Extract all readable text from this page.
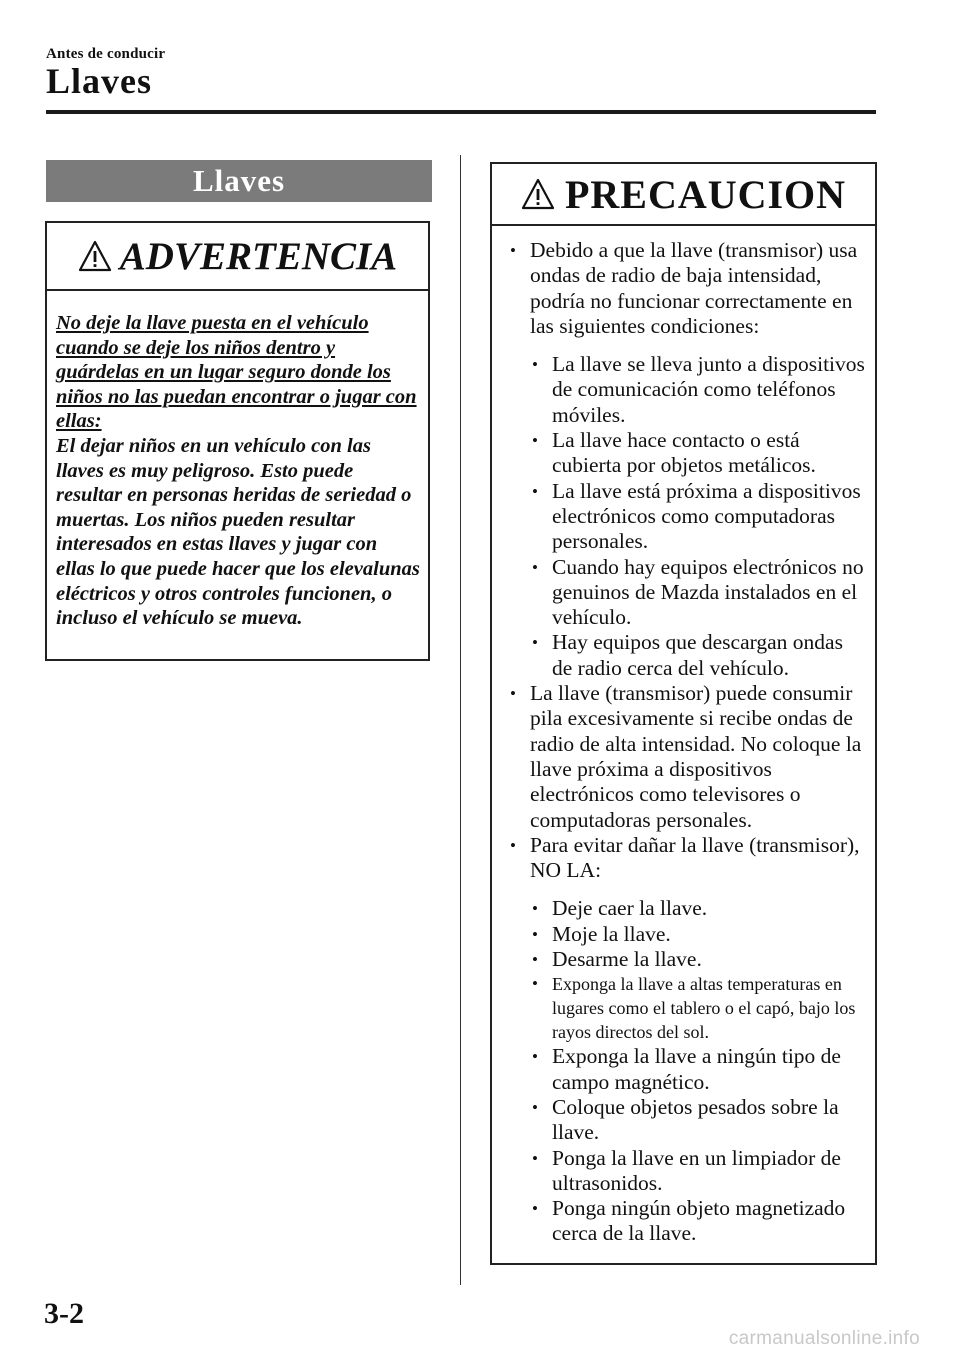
Antes de conducir
Llaves
Llaves
ADVERTENCIA
No deje la llave puesta en el vehículo cuando se deje los niños dentro y guárdelas en un lugar seguro donde los niños no las puedan encontrar o jugar con ellas:
El dejar niños en un vehículo con las llaves es muy peligroso. Esto puede resultar en personas heridas de seriedad o muertas. Los niños pueden resultar interesados en estas llaves y jugar con ellas lo que puede hacer que los elevalunas eléctricos y otros controles funcionen, o incluso el vehículo se mueva.
PRECAUCION
• Debido a que la llave (transmisor) usa ondas de radio de baja intensidad, podría no funcionar correctamente en las siguientes condiciones:
• La llave se lleva junto a dispositivos de comunicación como teléfonos móviles.
• La llave hace contacto o está cubierta por objetos metálicos.
• La llave está próxima a dispositivos electrónicos como computadoras personales.
• Cuando hay equipos electrónicos no genuinos de Mazda instalados en el vehículo.
• Hay equipos que descargan ondas de radio cerca del vehículo.
• La llave (transmisor) puede consumir pila excesivamente si recibe ondas de radio de alta intensidad. No coloque la llave próxima a dispositivos electrónicos como televisores o computadoras personales.
• Para evitar dañar la llave (transmisor), NO LA:
• Deje caer la llave.
• Moje la llave.
• Desarme la llave.
• Exponga la llave a altas temperaturas en lugares como el tablero o el capó, bajo los rayos directos del sol.
• Exponga la llave a ningún tipo de campo magnético.
• Coloque objetos pesados sobre la llave.
• Ponga la llave en un limpiador de ultrasonidos.
• Ponga ningún objeto magnetizado cerca de la llave.
3-2
carmanualsonline.info
